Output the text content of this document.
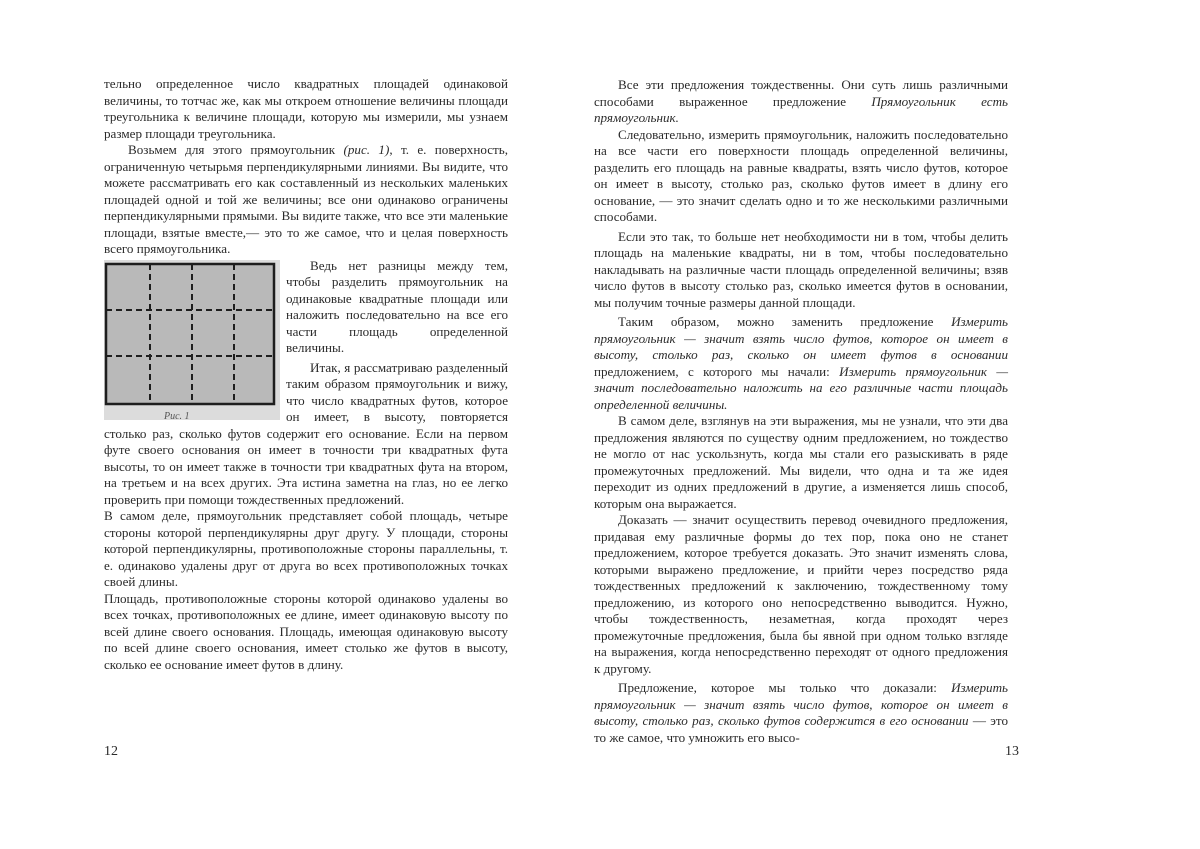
тельно определенное число квадратных площадей одинаковой величины, то тотчас же, как мы откроем отношение величины площади треугольника к величине площади, которую мы измерили, мы узнаем размер площади треугольника.

Возьмем для этого прямоугольник (рис. 1), т. е. поверхность, ограниченную четырьмя перпендикулярными линиями. Вы видите, что можете рассматривать его как составленный из нескольких маленьких площадей одной и той же величины; все они одинаково ограничены перпендикулярными прямыми. Вы видите также, что все эти маленькие площади, взятые вместе,— это то же самое, что и целая поверхность всего прямоугольника.

Рис. 1

Ведь нет разницы между тем, чтобы разделить прямоугольник на одинаковые квадратные площади или наложить последовательно на все его части площадь определенной величины.

Итак, я рассматриваю разделенный таким образом прямоугольник и вижу, что число квадратных футов, которое он имеет, в высоту, повторяется столько раз, сколько футов содержит его основание. Если на первом футе своего основания он имеет в точности три квадратных фута высоты, то он имеет также в точности три квадратных фута на втором, на третьем и на всех других. Эта истина заметна на глаз, но ее легко проверить при помощи тождественных предложений.

В самом деле, прямоугольник представляет собой площадь, четыре стороны которой перпендикулярны друг другу. У площади, стороны которой перпендикулярны, противоположные стороны параллельны, т. е. одинаково удалены друг от друга во всех противоположных точках своей длины.

Площадь, противоположные стороны которой одинаково удалены во всех точках, противоположных ее длине, имеет одинаковую высоту по всей длине своего основания. Площадь, имеющая одинаковую высоту по всей длине своего основания, имеет столько же футов в высоту, сколько ее основание имеет футов в длину.

12

Все эти предложения тождественны. Они суть лишь различными способами выраженное предложение Прямоугольник есть прямоугольник.

Следовательно, измерить прямоугольник, наложить последовательно на все части его поверхности площадь определенной величины, разделить его площадь на равные квадраты, взять число футов, которое он имеет в высоту, столько раз, сколько футов имеет в длину его основание, — это значит сделать одно и то же несколькими различными способами.

Если это так, то больше нет необходимости ни в том, чтобы делить площадь на маленькие квадраты, ни в том, чтобы последовательно накладывать на различные части площадь определенной величины; взяв число футов в высоту столько раз, сколько имеется футов в основании, мы получим точные размеры данной площади.

Таким образом, можно заменить предложение Измерить прямоугольник — значит взять число футов, которое он имеет в высоту, столько раз, сколько он имеет футов в основании предложением, с которого мы начали: Измерить прямоугольник — значит последовательно наложить на его различные части площадь определенной величины.

В самом деле, взглянув на эти выражения, мы не узнали, что эти два предложения являются по существу одним предложением, но тождество не могло от нас ускользнуть, когда мы стали его разыскивать в ряде промежуточных предложений. Мы видели, что одна и та же идея переходит из одних предложений в другие, а изменяется лишь способ, которым она выражается.

Доказать — значит осуществить перевод очевидного предложения, придавая ему различные формы до тех пор, пока оно не станет предложением, которое требуется доказать. Это значит изменять слова, которыми выражено предложение, и прийти через посредство ряда тождественных предложений к заключению, тождественному тому предложению, из которого оно непосредственно выводится. Нужно, чтобы тождественность, незаметная, когда проходят через промежуточные предложения, была бы явной при одном только взгляде на выражения, когда непосредственно переходят от одного предложения к другому.

Предложение, которое мы только что доказали: Измерить прямоугольник — значит взять число футов, которое он имеет в высоту, столько раз, сколько футов содержится в его основании — это то же самое, что умножить его высо-

13
